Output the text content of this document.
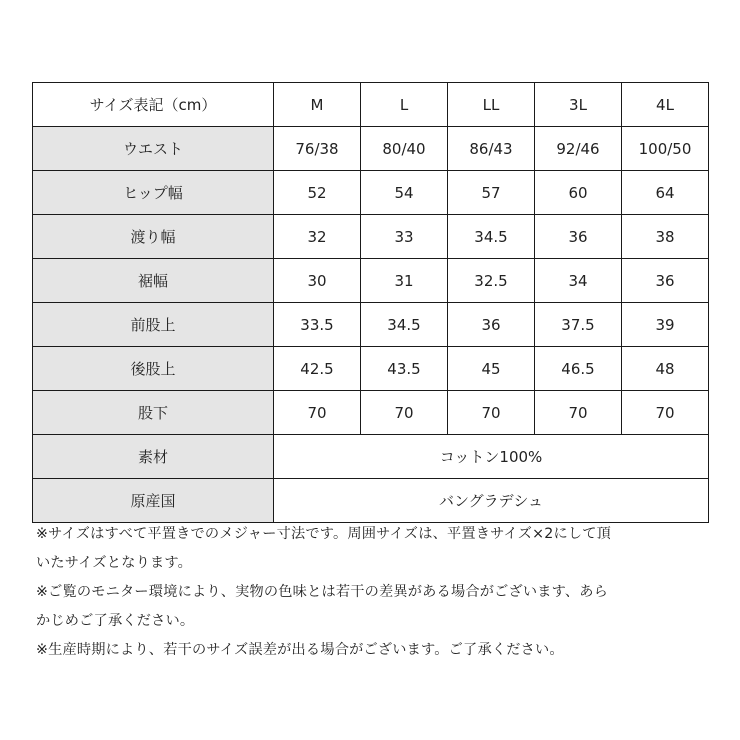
サイズ表記（cm）	M	L	LL	3L	4L
ウエスト	76/38	80/40	86/43	92/46	100/50
ヒップ幅	52	54	57	60	64
渡り幅	32	33	34.5	36	38
裾幅	30	31	32.5	34	36
前股上	33.5	34.5	36	37.5	39
後股上	42.5	43.5	45	46.5	48
股下	70	70	70	70	70
素材	コットン100%				
原産国	バングラデシュ				
※サイズはすべて平置きでのメジャー寸法です。周囲サイズは、平置きサイズ×2にして頂
いたサイズとなります。
※ご覧のモニター環境により、実物の色味とは若干の差異がある場合がございます、あら
かじめご了承ください。
※生産時期により、若干のサイズ誤差が出る場合がございます。ご了承ください。
